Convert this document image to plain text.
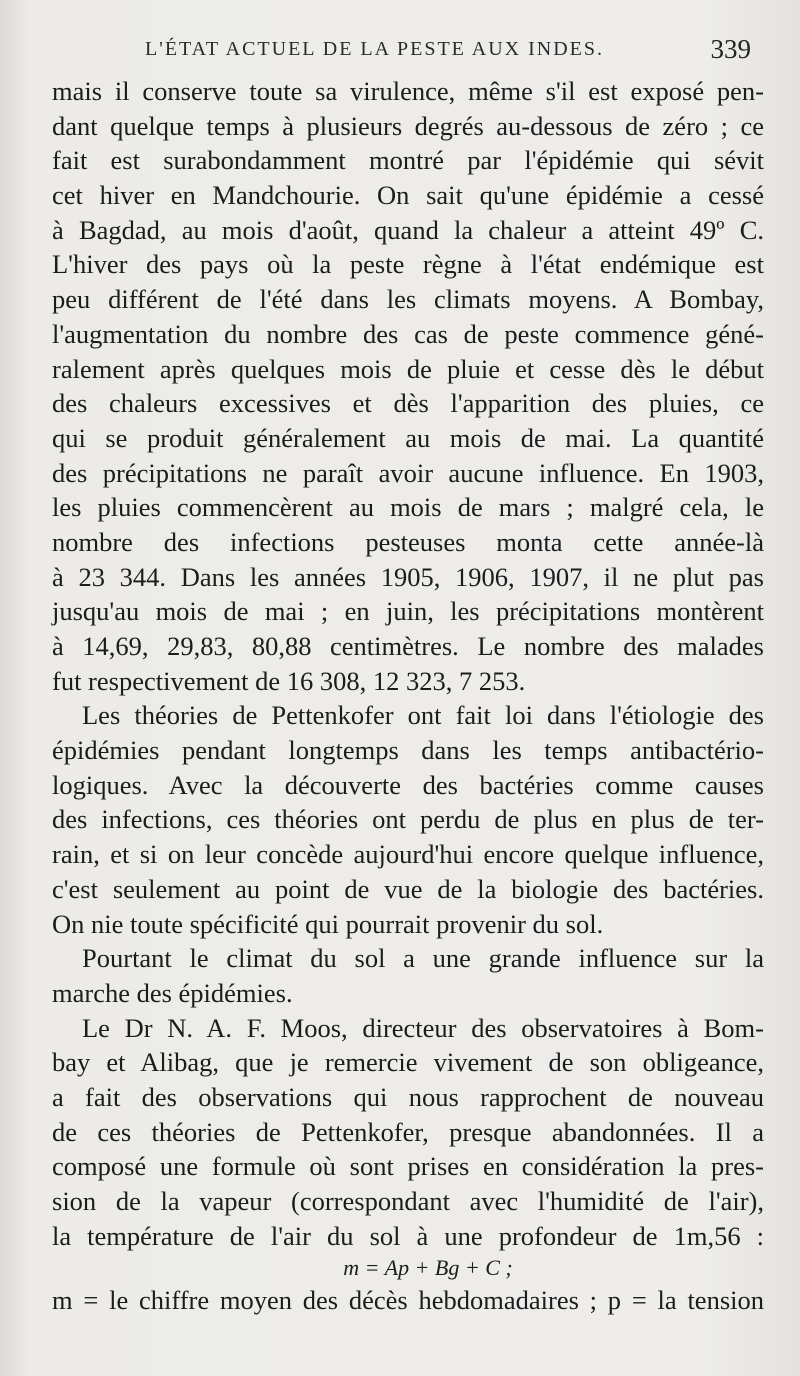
L'ÉTAT ACTUEL DE LA PESTE AUX INDES.	339
mais il conserve toute sa virulence, même s'il est exposé pen-
dant quelque temps à plusieurs degrés au-dessous de zéro ; ce
fait est surabondamment montré par l'épidémie qui sévit
cet hiver en Mandchourie. On sait qu'une épidémie a cessé
à Bagdad, au mois d'août, quand la chaleur a atteint 49º C.
L'hiver des pays où la peste règne à l'état endémique est
peu différent de l'été dans les climats moyens. A Bombay,
l'augmentation du nombre des cas de peste commence géné-
ralement après quelques mois de pluie et cesse dès le début
des chaleurs excessives et dès l'apparition des pluies, ce
qui se produit généralement au mois de mai. La quantité
des précipitations ne paraît avoir aucune influence. En 1903,
les pluies commencèrent au mois de mars ; malgré cela, le
nombre des infections pesteuses monta cette année-là
à 23 344. Dans les années 1905, 1906, 1907, il ne plut pas
jusqu'au mois de mai ; en juin, les précipitations montèrent
à 14,69, 29,83, 80,88 centimètres. Le nombre des malades
fut respectivement de 16 308, 12 323, 7 253.
Les théories de Pettenkofer ont fait loi dans l'étiologie des
épidémies pendant longtemps dans les temps antibactério-
logiques. Avec la découverte des bactéries comme causes
des infections, ces théories ont perdu de plus en plus de ter-
rain, et si on leur concède aujourd'hui encore quelque influence,
c'est seulement au point de vue de la biologie des bactéries.
On nie toute spécificité qui pourrait provenir du sol.
Pourtant le climat du sol a une grande influence sur la
marche des épidémies.
Le Dr N. A. F. Moos, directeur des observatoires à Bom-
bay et Alibag, que je remercie vivement de son obligeance,
a fait des observations qui nous rapprochent de nouveau
de ces théories de Pettenkofer, presque abandonnées. Il a
composé une formule où sont prises en considération la pres-
sion de la vapeur (correspondant avec l'humidité de l'air),
la température de l'air du sol à une profondeur de 1m,56 :
m = Ap + Bg + C ;
m = le chiffre moyen des décès hebdomadaires ; p = la tension
